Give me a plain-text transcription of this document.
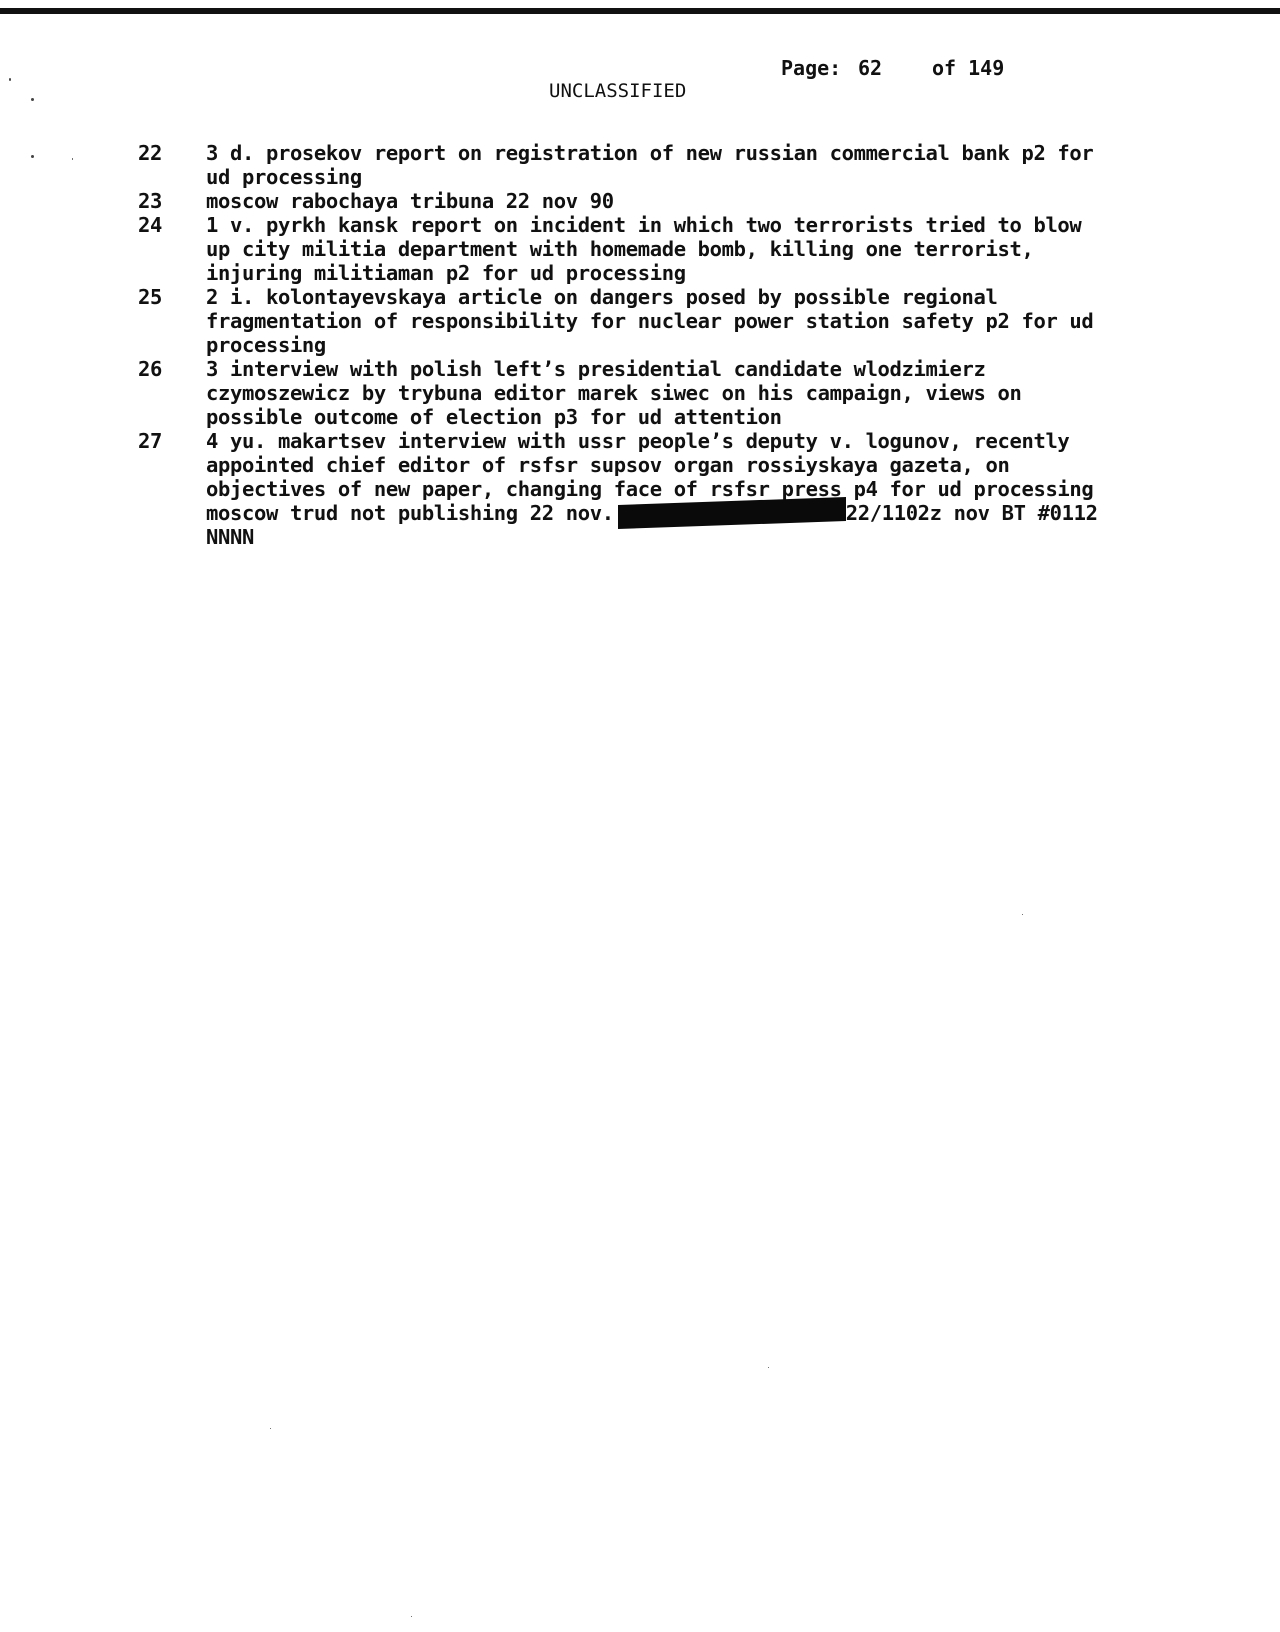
Page: 62 of 149
UNCLASSIFIED
22	3 d. prosekov report on registration of new russian commercial bank p2 for
ud processing
23	moscow rabochaya tribuna 22 nov 90
24	1 v. pyrkh kansk report on incident in which two terrorists tried to blow
up city militia department with homemade bomb, killing one terrorist,
injuring militiaman p2 for ud processing
25	2 i. kolontayevskaya article on dangers posed by possible regional
fragmentation of responsibility for nuclear power station safety p2 for ud
processing
26	3 interview with polish left’s presidential candidate wlodzimierz
czymoszewicz by trybuna editor marek siwec on his campaign, views on
possible outcome of election p3 for ud attention
27	4 yu. makartsev interview with ussr people’s deputy v. logunov, recently
appointed chief editor of rsfsr supsov organ rossiyskaya gazeta, on
objectives of new paper, changing face of rsfsr press p4 for ud processing
moscow trud not publishing 22 nov.	22/1102z nov BT #0112
NNNN
